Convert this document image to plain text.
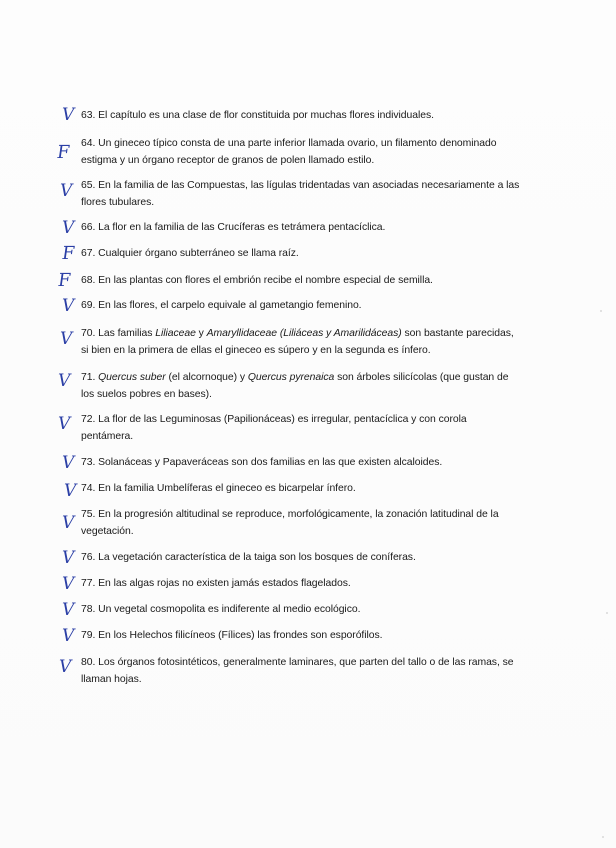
V 63. El capítulo es una clase de flor constituida por muchas flores individuales.
F 64. Un gineceo típico consta de una parte inferior llamada ovario, un filamento denominado estigma y un órgano receptor de granos de polen llamado estilo.
V 65. En la familia de las Compuestas, las lígulas tridentadas van asociadas necesariamente a las flores tubulares.
V 66. La flor en la familia de las Crucíferas es tetrámera pentacíclica.
F 67. Cualquier órgano subterráneo se llama raíz.
F 68. En las plantas con flores el embrión recibe el nombre especial de semilla.
V 69. En las flores, el carpelo equivale al gametangio femenino.
V 70. Las familias Liliaceae y Amaryllidaceae (Liliáceas y Amarilidáceas) son bastante parecidas, si bien en la primera de ellas el gineceo es súpero y en la segunda es ínfero.
V 71. Quercus suber (el alcornoque) y Quercus pyrenaica son árboles silicícolas (que gustan de los suelos pobres en bases).
V 72. La flor de las Leguminosas (Papilionáceas) es irregular, pentacíclica y con corola pentámera.
V 73. Solanáceas y Papaveráceas son dos familias en las que existen alcaloides.
V 74. En la familia Umbelíferas el gineceo es bicarpelar ínfero.
V 75. En la progresión altitudinal se reproduce, morfológicamente, la zonación latitudinal de la vegetación.
V 76. La vegetación característica de la taiga son los bosques de coníferas.
V 77. En las algas rojas no existen jamás estados flagelados.
V 78. Un vegetal cosmopolita es indiferente al medio ecológico.
V 79. En los Helechos filicíneos (Fílices) las frondes son esporófilos.
V 80. Los órganos fotosintéticos, generalmente laminares, que parten del tallo o de las ramas, se llaman hojas.
